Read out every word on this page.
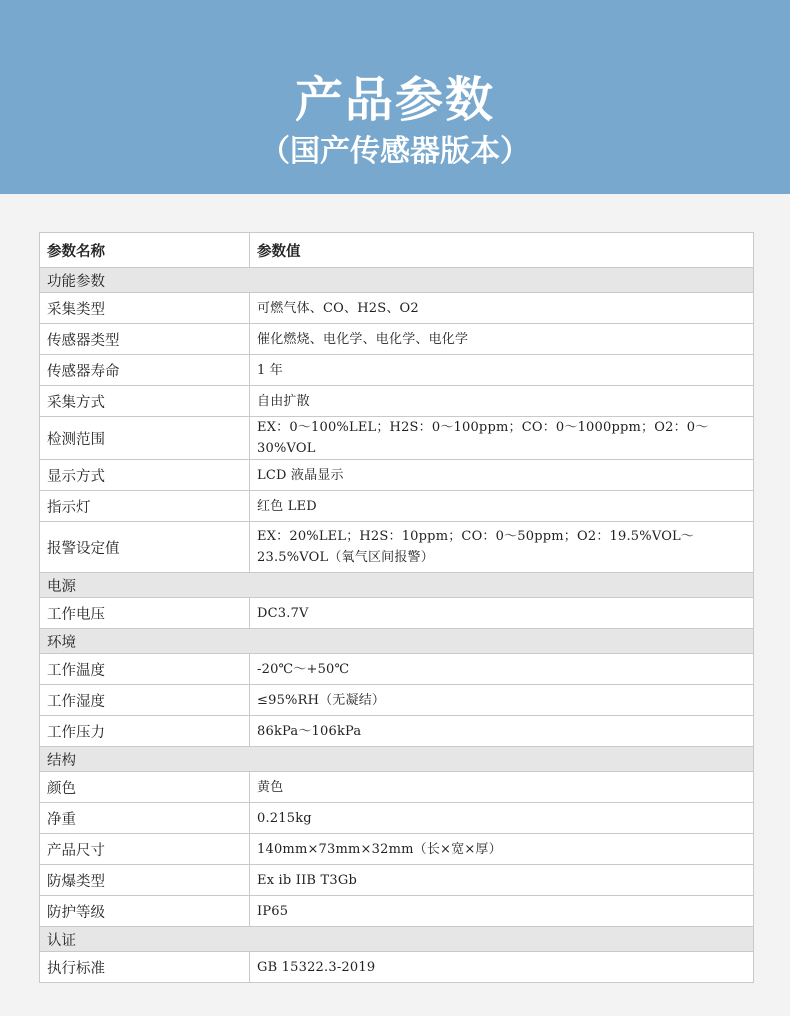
产品参数
（国产传感器版本）
参数名称	参数值
功能参数	
采集类型	可燃气体、CO、H2S、O2
传感器类型	催化燃烧、电化学、电化学、电化学
传感器寿命	1 年
采集方式	自由扩散
检测范围	EX：0～100%LEL；H2S：0～100ppm；CO：0～1000ppm；O2：0～30%VOL
显示方式	LCD 液晶显示
指示灯	红色 LED
报警设定值	EX：20%LEL；H2S：10ppm；CO：0～50ppm；O2：19.5%VOL～23.5%VOL（氧气区间报警）
电源	
工作电压	DC3.7V
环境	
工作温度	-20℃～+50℃
工作湿度	≤95%RH（无凝结）
工作压力	86kPa～106kPa
结构	
颜色	黄色
净重	0.215kg
产品尺寸	140mm×73mm×32mm（长×宽×厚）
防爆类型	Ex ib IIB T3Gb
防护等级	IP65
认证	
执行标准	GB 15322.3-2019
